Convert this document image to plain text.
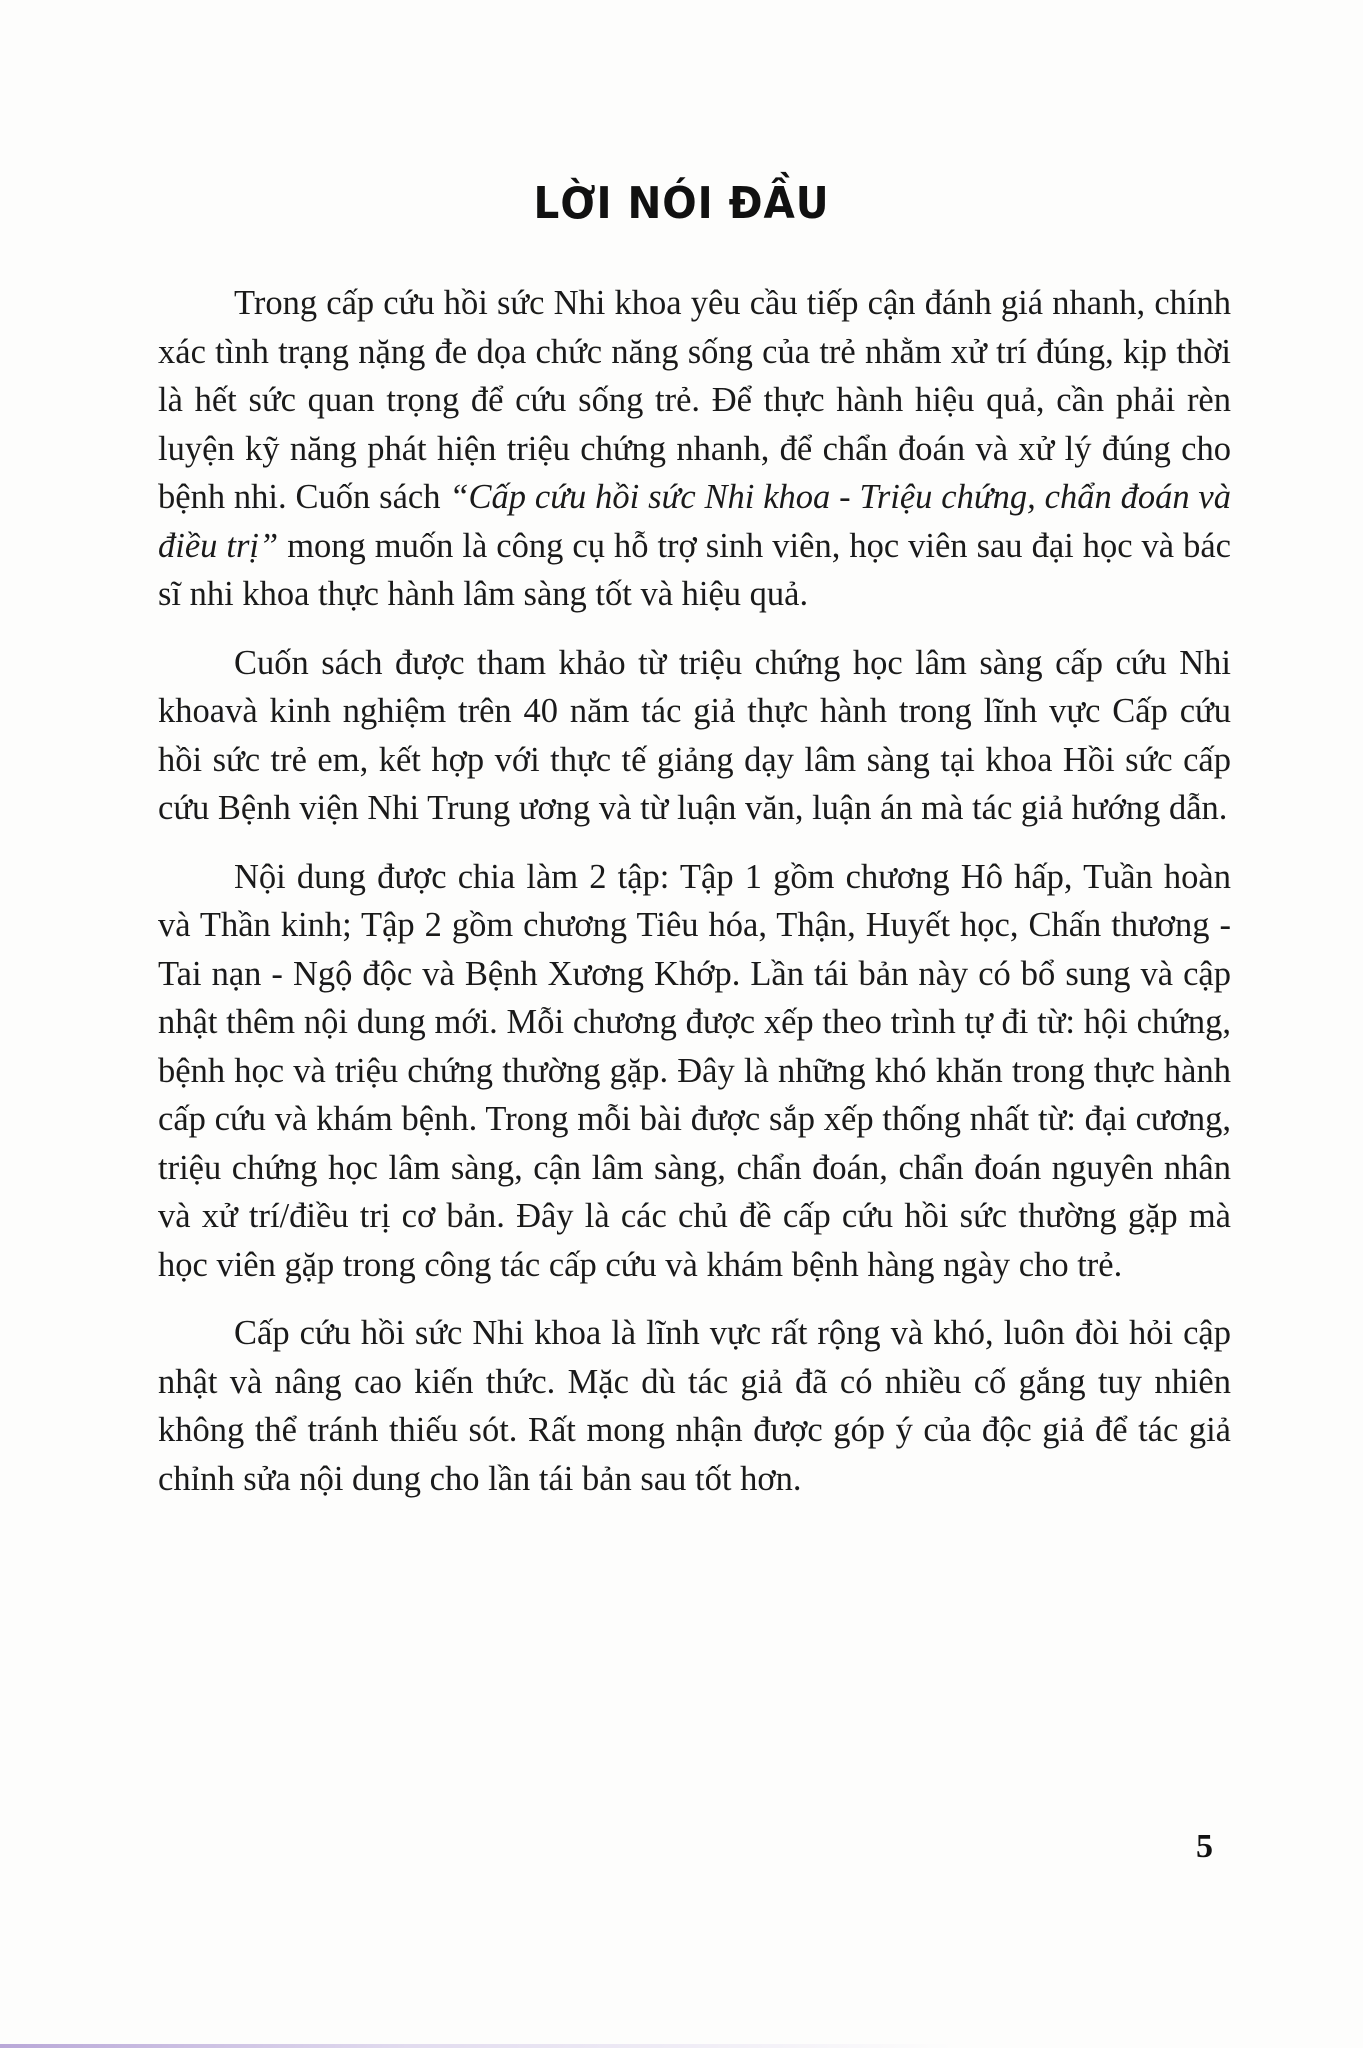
LỜI NÓI ĐẦU

Trong cấp cứu hồi sức Nhi khoa yêu cầu tiếp cận đánh giá nhanh, chính xác tình trạng nặng đe dọa chức năng sống của trẻ nhằm xử trí đúng, kịp thời là hết sức quan trọng để cứu sống trẻ. Để thực hành hiệu quả, cần phải rèn luyện kỹ năng phát hiện triệu chứng nhanh, để chẩn đoán và xử lý đúng cho bệnh nhi. Cuốn sách “Cấp cứu hồi sức Nhi khoa - Triệu chứng, chẩn đoán và điều trị” mong muốn là công cụ hỗ trợ sinh viên, học viên sau đại học và bác sĩ nhi khoa thực hành lâm sàng tốt và hiệu quả.

Cuốn sách được tham khảo từ triệu chứng học lâm sàng cấp cứu Nhi khoavà kinh nghiệm trên 40 năm tác giả thực hành trong lĩnh vực Cấp cứu hồi sức trẻ em, kết hợp với thực tế giảng dạy lâm sàng tại khoa Hồi sức cấp cứu Bệnh viện Nhi Trung ương và từ luận văn, luận án mà tác giả hướng dẫn.

Nội dung được chia làm 2 tập: Tập 1 gồm chương Hô hấp, Tuần hoàn và Thần kinh; Tập 2 gồm chương Tiêu hóa, Thận, Huyết học, Chấn thương - Tai nạn - Ngộ độc và Bệnh Xương Khớp. Lần tái bản này có bổ sung và cập nhật thêm nội dung mới. Mỗi chương được xếp theo trình tự đi từ: hội chứng, bệnh học và triệu chứng thường gặp. Đây là những khó khăn trong thực hành cấp cứu và khám bệnh. Trong mỗi bài được sắp xếp thống nhất từ: đại cương, triệu chứng học lâm sàng, cận lâm sàng, chẩn đoán, chẩn đoán nguyên nhân và xử trí/điều trị cơ bản. Đây là các chủ đề cấp cứu hồi sức thường gặp mà học viên gặp trong công tác cấp cứu và khám bệnh hàng ngày cho trẻ.

Cấp cứu hồi sức Nhi khoa là lĩnh vực rất rộng và khó, luôn đòi hỏi cập nhật và nâng cao kiến thức. Mặc dù tác giả đã có nhiều cố gắng tuy nhiên không thể tránh thiếu sót. Rất mong nhận được góp ý của độc giả để tác giả chỉnh sửa nội dung cho lần tái bản sau tốt hơn.

5
